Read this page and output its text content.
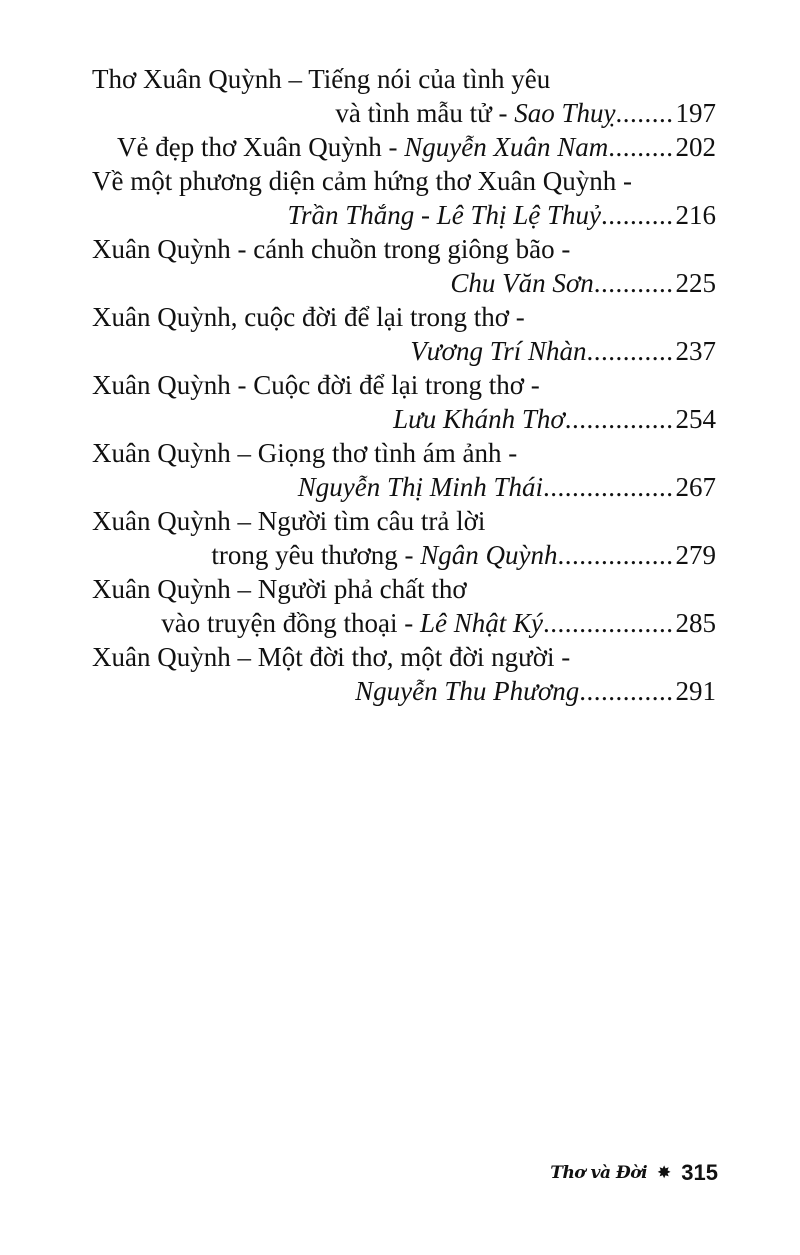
Thơ Xuân Quỳnh – Tiếng nói của tình yêu
và tình mẫu tử - Sao Thuỵ ........ 197
Vẻ đẹp thơ Xuân Quỳnh - Nguyễn Xuân Nam ......... 202
Về một phương diện cảm hứng thơ Xuân Quỳnh -
Trần Thắng - Lê Thị Lệ Thuỷ .......... 216
Xuân Quỳnh - cánh chuồn trong giông bão -
Chu Văn Sơn ........... 225
Xuân Quỳnh, cuộc đời để lại trong thơ -
Vương Trí Nhàn ............ 237
Xuân Quỳnh - Cuộc đời để lại trong thơ -
Lưu Khánh Thơ ............... 254
Xuân Quỳnh – Giọng thơ tình ám ảnh -
Nguyễn Thị Minh Thái .................. 267
Xuân Quỳnh – Người tìm câu trả lời
trong yêu thương - Ngân Quỳnh ................ 279
Xuân Quỳnh – Người phả chất thơ
vào truyện đồng thoại - Lê Nhật Ký .................. 285
Xuân Quỳnh – Một đời thơ, một đời người -
Nguyễn Thu Phương ............. 291
Thơ và Đời ✸ 315
